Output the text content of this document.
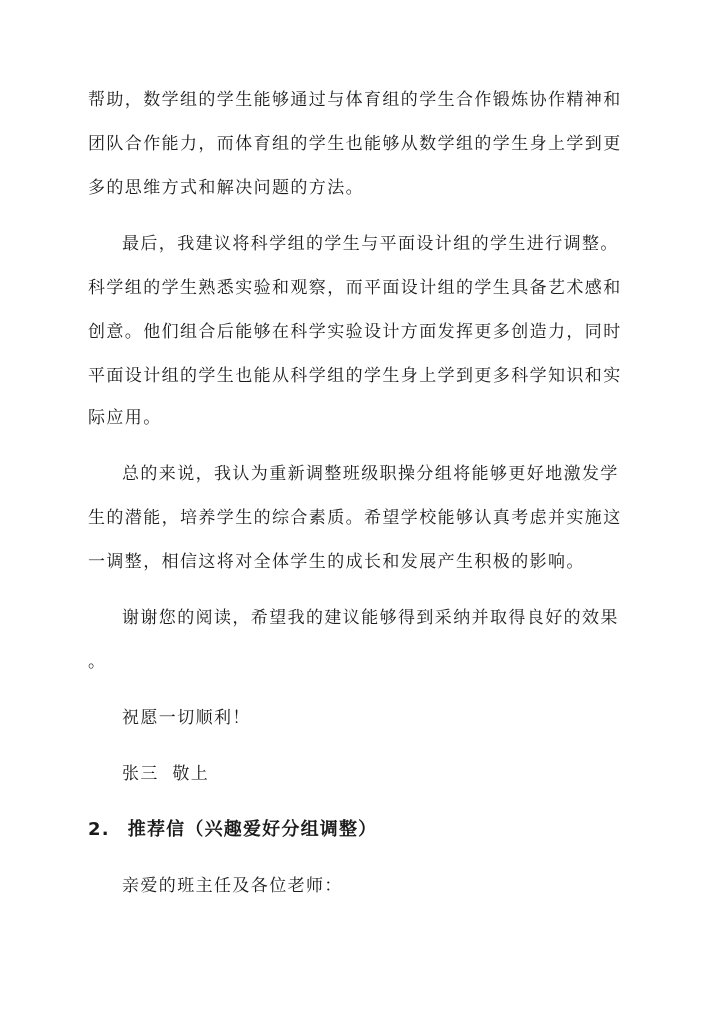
帮助，数学组的学生能够通过与体育组的学生合作锻炼协作精神和
团队合作能力，而体育组的学生也能够从数学组的学生身上学到更
多的思维方式和解决问题的方法。
最后，我建议将科学组的学生与平面设计组的学生进行调整。
科学组的学生熟悉实验和观察，而平面设计组的学生具备艺术感和
创意。他们组合后能够在科学实验设计方面发挥更多创造力，同时
平面设计组的学生也能从科学组的学生身上学到更多科学知识和实
际应用。
总的来说，我认为重新调整班级职操分组将能够更好地激发学
生的潜能，培养学生的综合素质。希望学校能够认真考虑并实施这
一调整，相信这将对全体学生的成长和发展产生积极的影响。
谢谢您的阅读，希望我的建议能够得到采纳并取得良好的效果
。
祝愿一切顺利！
张三  敬上
2. 推荐信（兴趣爱好分组调整）
亲爱的班主任及各位老师：
